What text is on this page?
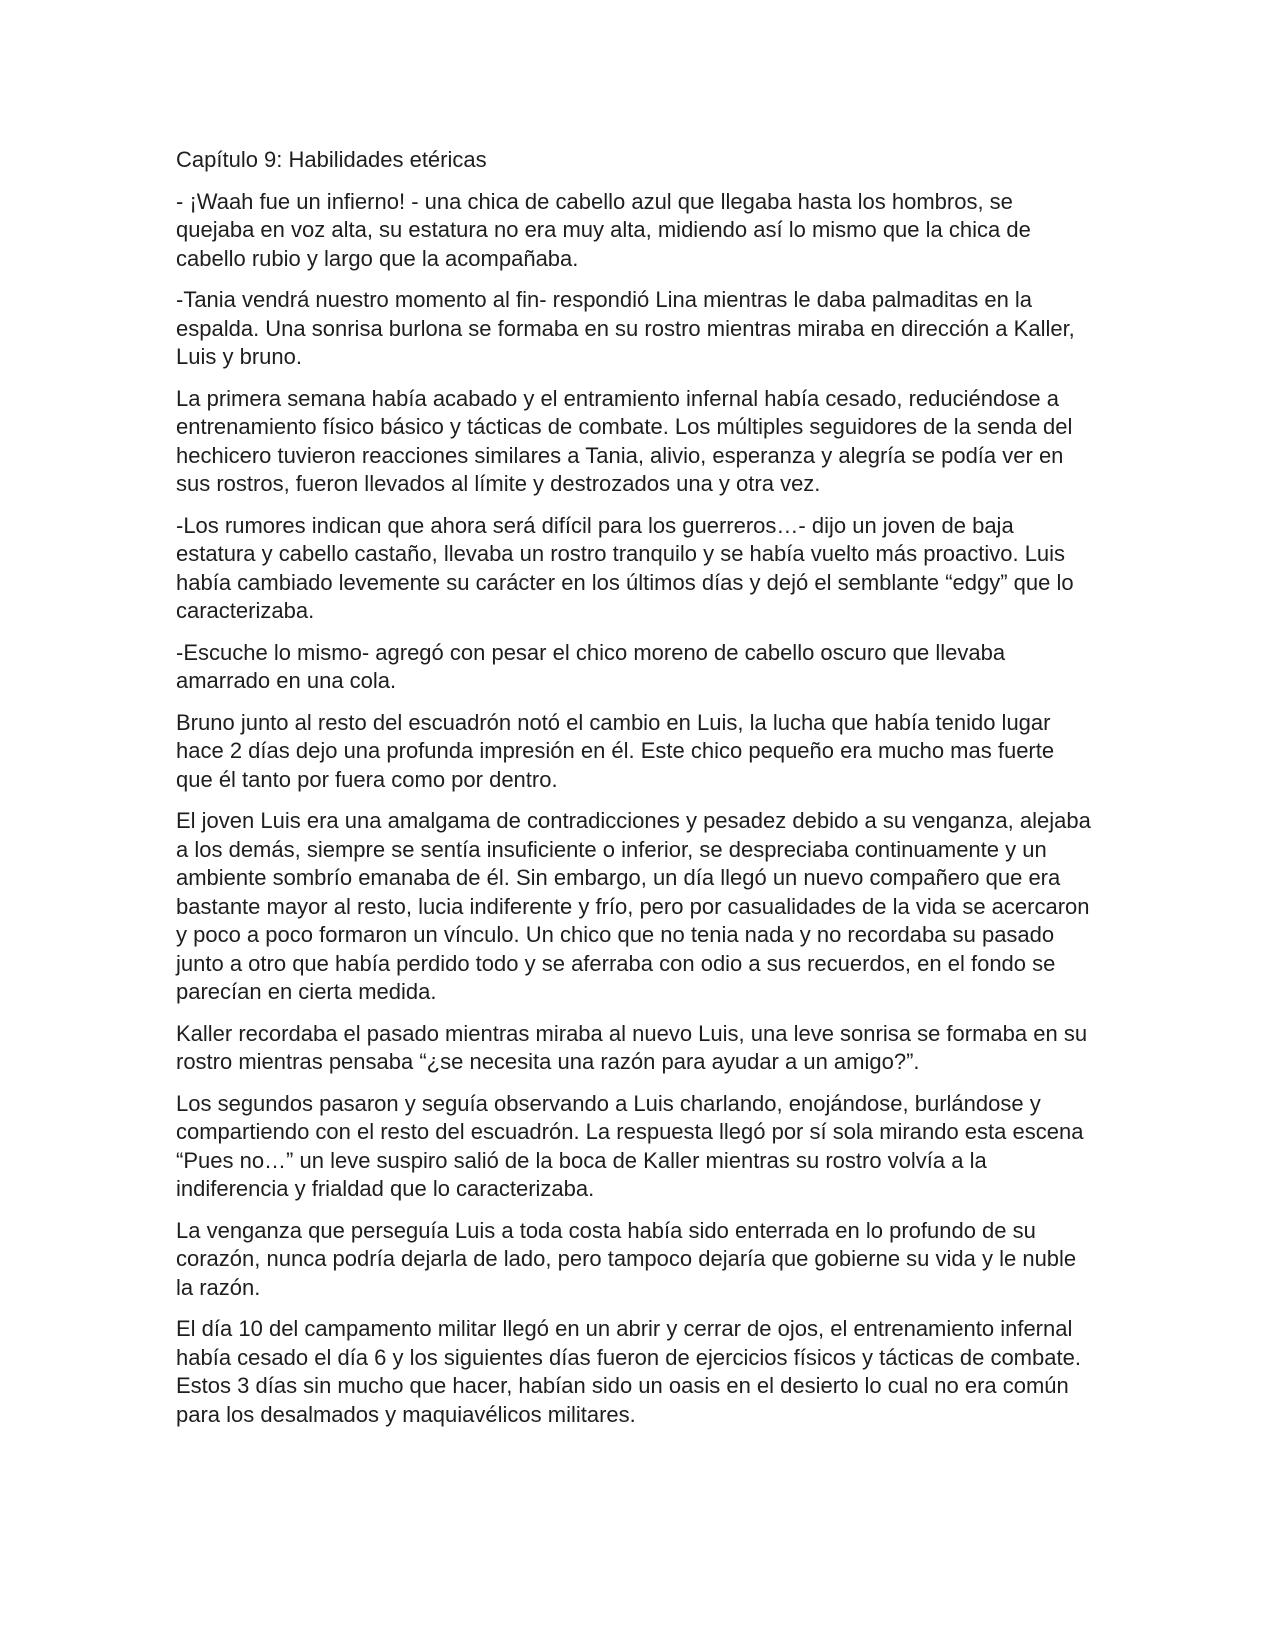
Capítulo 9: Habilidades etéricas

- ¡Waah fue un infierno! - una chica de cabello azul que llegaba hasta los hombros, se quejaba en voz alta, su estatura no era muy alta, midiendo así lo mismo que la chica de cabello rubio y largo que la acompañaba.

-Tania vendrá nuestro momento al fin- respondió Lina mientras le daba palmaditas en la espalda. Una sonrisa burlona se formaba en su rostro mientras miraba en dirección a Kaller, Luis y bruno.

La primera semana había acabado y el entramiento infernal había cesado, reduciéndose a entrenamiento físico básico y tácticas de combate. Los múltiples seguidores de la senda del hechicero tuvieron reacciones similares a Tania, alivio, esperanza y alegría se podía ver en sus rostros, fueron llevados al límite y destrozados una y otra vez.

-Los rumores indican que ahora será difícil para los guerreros…- dijo un joven de baja estatura y cabello castaño, llevaba un rostro tranquilo y se había vuelto más proactivo. Luis había cambiado levemente su carácter en los últimos días y dejó el semblante “edgy” que lo caracterizaba.

-Escuche lo mismo- agregó con pesar el chico moreno de cabello oscuro que llevaba amarrado en una cola.

Bruno junto al resto del escuadrón notó el cambio en Luis, la lucha que había tenido lugar hace 2 días dejo una profunda impresión en él. Este chico pequeño era mucho mas fuerte que él tanto por fuera como por dentro.

El joven Luis era una amalgama de contradicciones y pesadez debido a su venganza, alejaba a los demás, siempre se sentía insuficiente o inferior, se despreciaba continuamente y un ambiente sombrío emanaba de él. Sin embargo, un día llegó un nuevo compañero que era bastante mayor al resto, lucia indiferente y frío, pero por casualidades de la vida se acercaron y poco a poco formaron un vínculo. Un chico que no tenia nada y no recordaba su pasado junto a otro que había perdido todo y se aferraba con odio a sus recuerdos, en el fondo se parecían en cierta medida.

Kaller recordaba el pasado mientras miraba al nuevo Luis, una leve sonrisa se formaba en su rostro mientras pensaba “¿se necesita una razón para ayudar a un amigo?”.

Los segundos pasaron y seguía observando a Luis charlando, enojándose, burlándose y compartiendo con el resto del escuadrón. La respuesta llegó por sí sola mirando esta escena “Pues no…” un leve suspiro salió de la boca de Kaller mientras su rostro volvía a la indiferencia y frialdad que lo caracterizaba.

La venganza que perseguía Luis a toda costa había sido enterrada en lo profundo de su corazón, nunca podría dejarla de lado, pero tampoco dejaría que gobierne su vida y le nuble la razón.

El día 10 del campamento militar llegó en un abrir y cerrar de ojos, el entrenamiento infernal había cesado el día 6 y los siguientes días fueron de ejercicios físicos y tácticas de combate. Estos 3 días sin mucho que hacer, habían sido un oasis en el desierto lo cual no era común para los desalmados y maquiavélicos militares.
